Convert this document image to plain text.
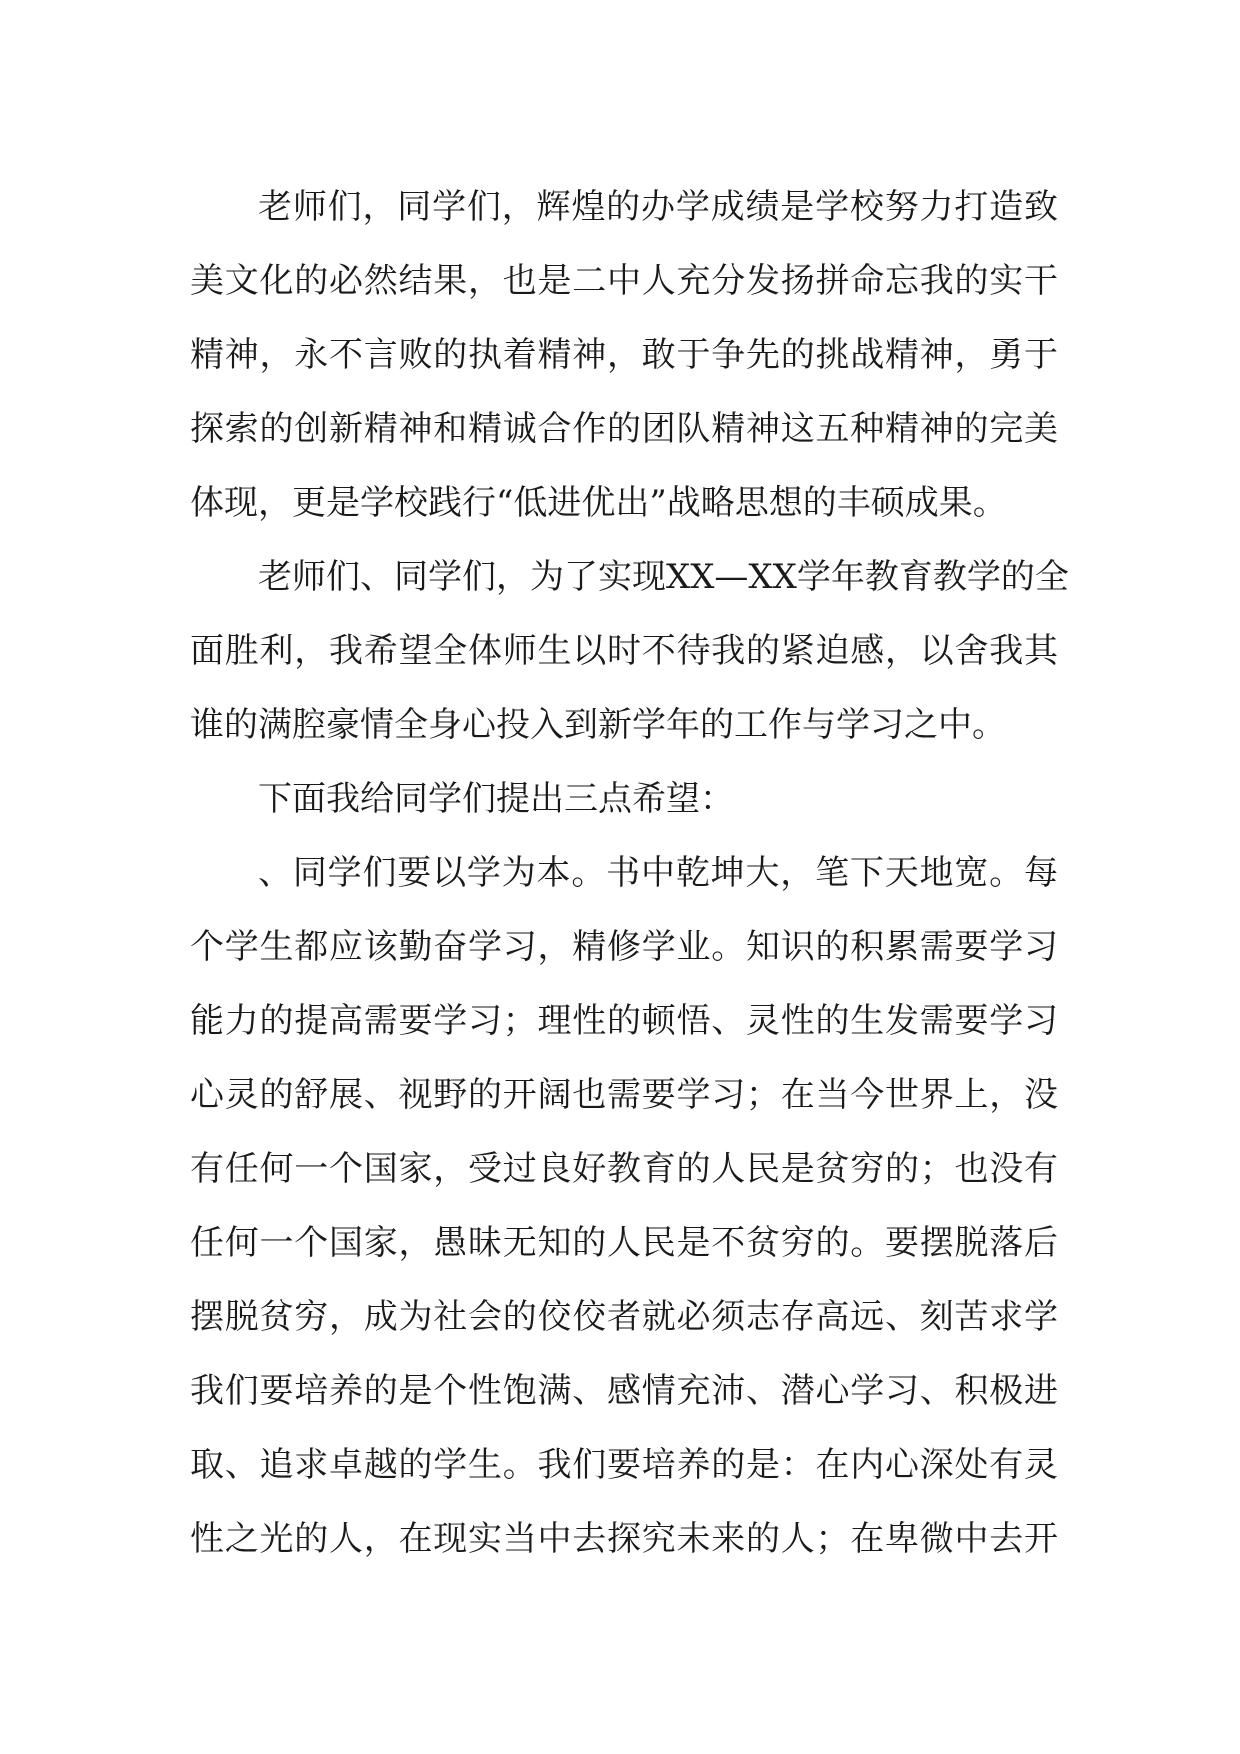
老师们，同学们，辉煌的办学成绩是学校努力打造致
美文化的必然结果，也是二中人充分发扬拼命忘我的实干
精神，永不言败的执着精神，敢于争先的挑战精神，勇于
探索的创新精神和精诚合作的团队精神这五种精神的完美
体现，更是学校践行“低进优出”战略思想的丰硕成果。
老师们、同学们，为了实现XX—XX学年教育教学的全
面胜利，我希望全体师生以时不待我的紧迫感，以舍我其
谁的满腔豪情全身心投入到新学年的工作与学习之中。
下面我给同学们提出三点希望：
、同学们要以学为本。书中乾坤大，笔下天地宽。每
个学生都应该勤奋学习，精修学业。知识的积累需要学习
能力的提高需要学习；理性的顿悟、灵性的生发需要学习
心灵的舒展、视野的开阔也需要学习；在当今世界上，没
有任何一个国家，受过良好教育的人民是贫穷的；也没有
任何一个国家，愚昧无知的人民是不贫穷的。要摆脱落后
摆脱贫穷，成为社会的佼佼者就必须志存高远、刻苦求学
我们要培养的是个性饱满、感情充沛、潜心学习、积极进
取、追求卓越的学生。我们要培养的是：在内心深处有灵
性之光的人，在现实当中去探究未来的人；在卑微中去开
